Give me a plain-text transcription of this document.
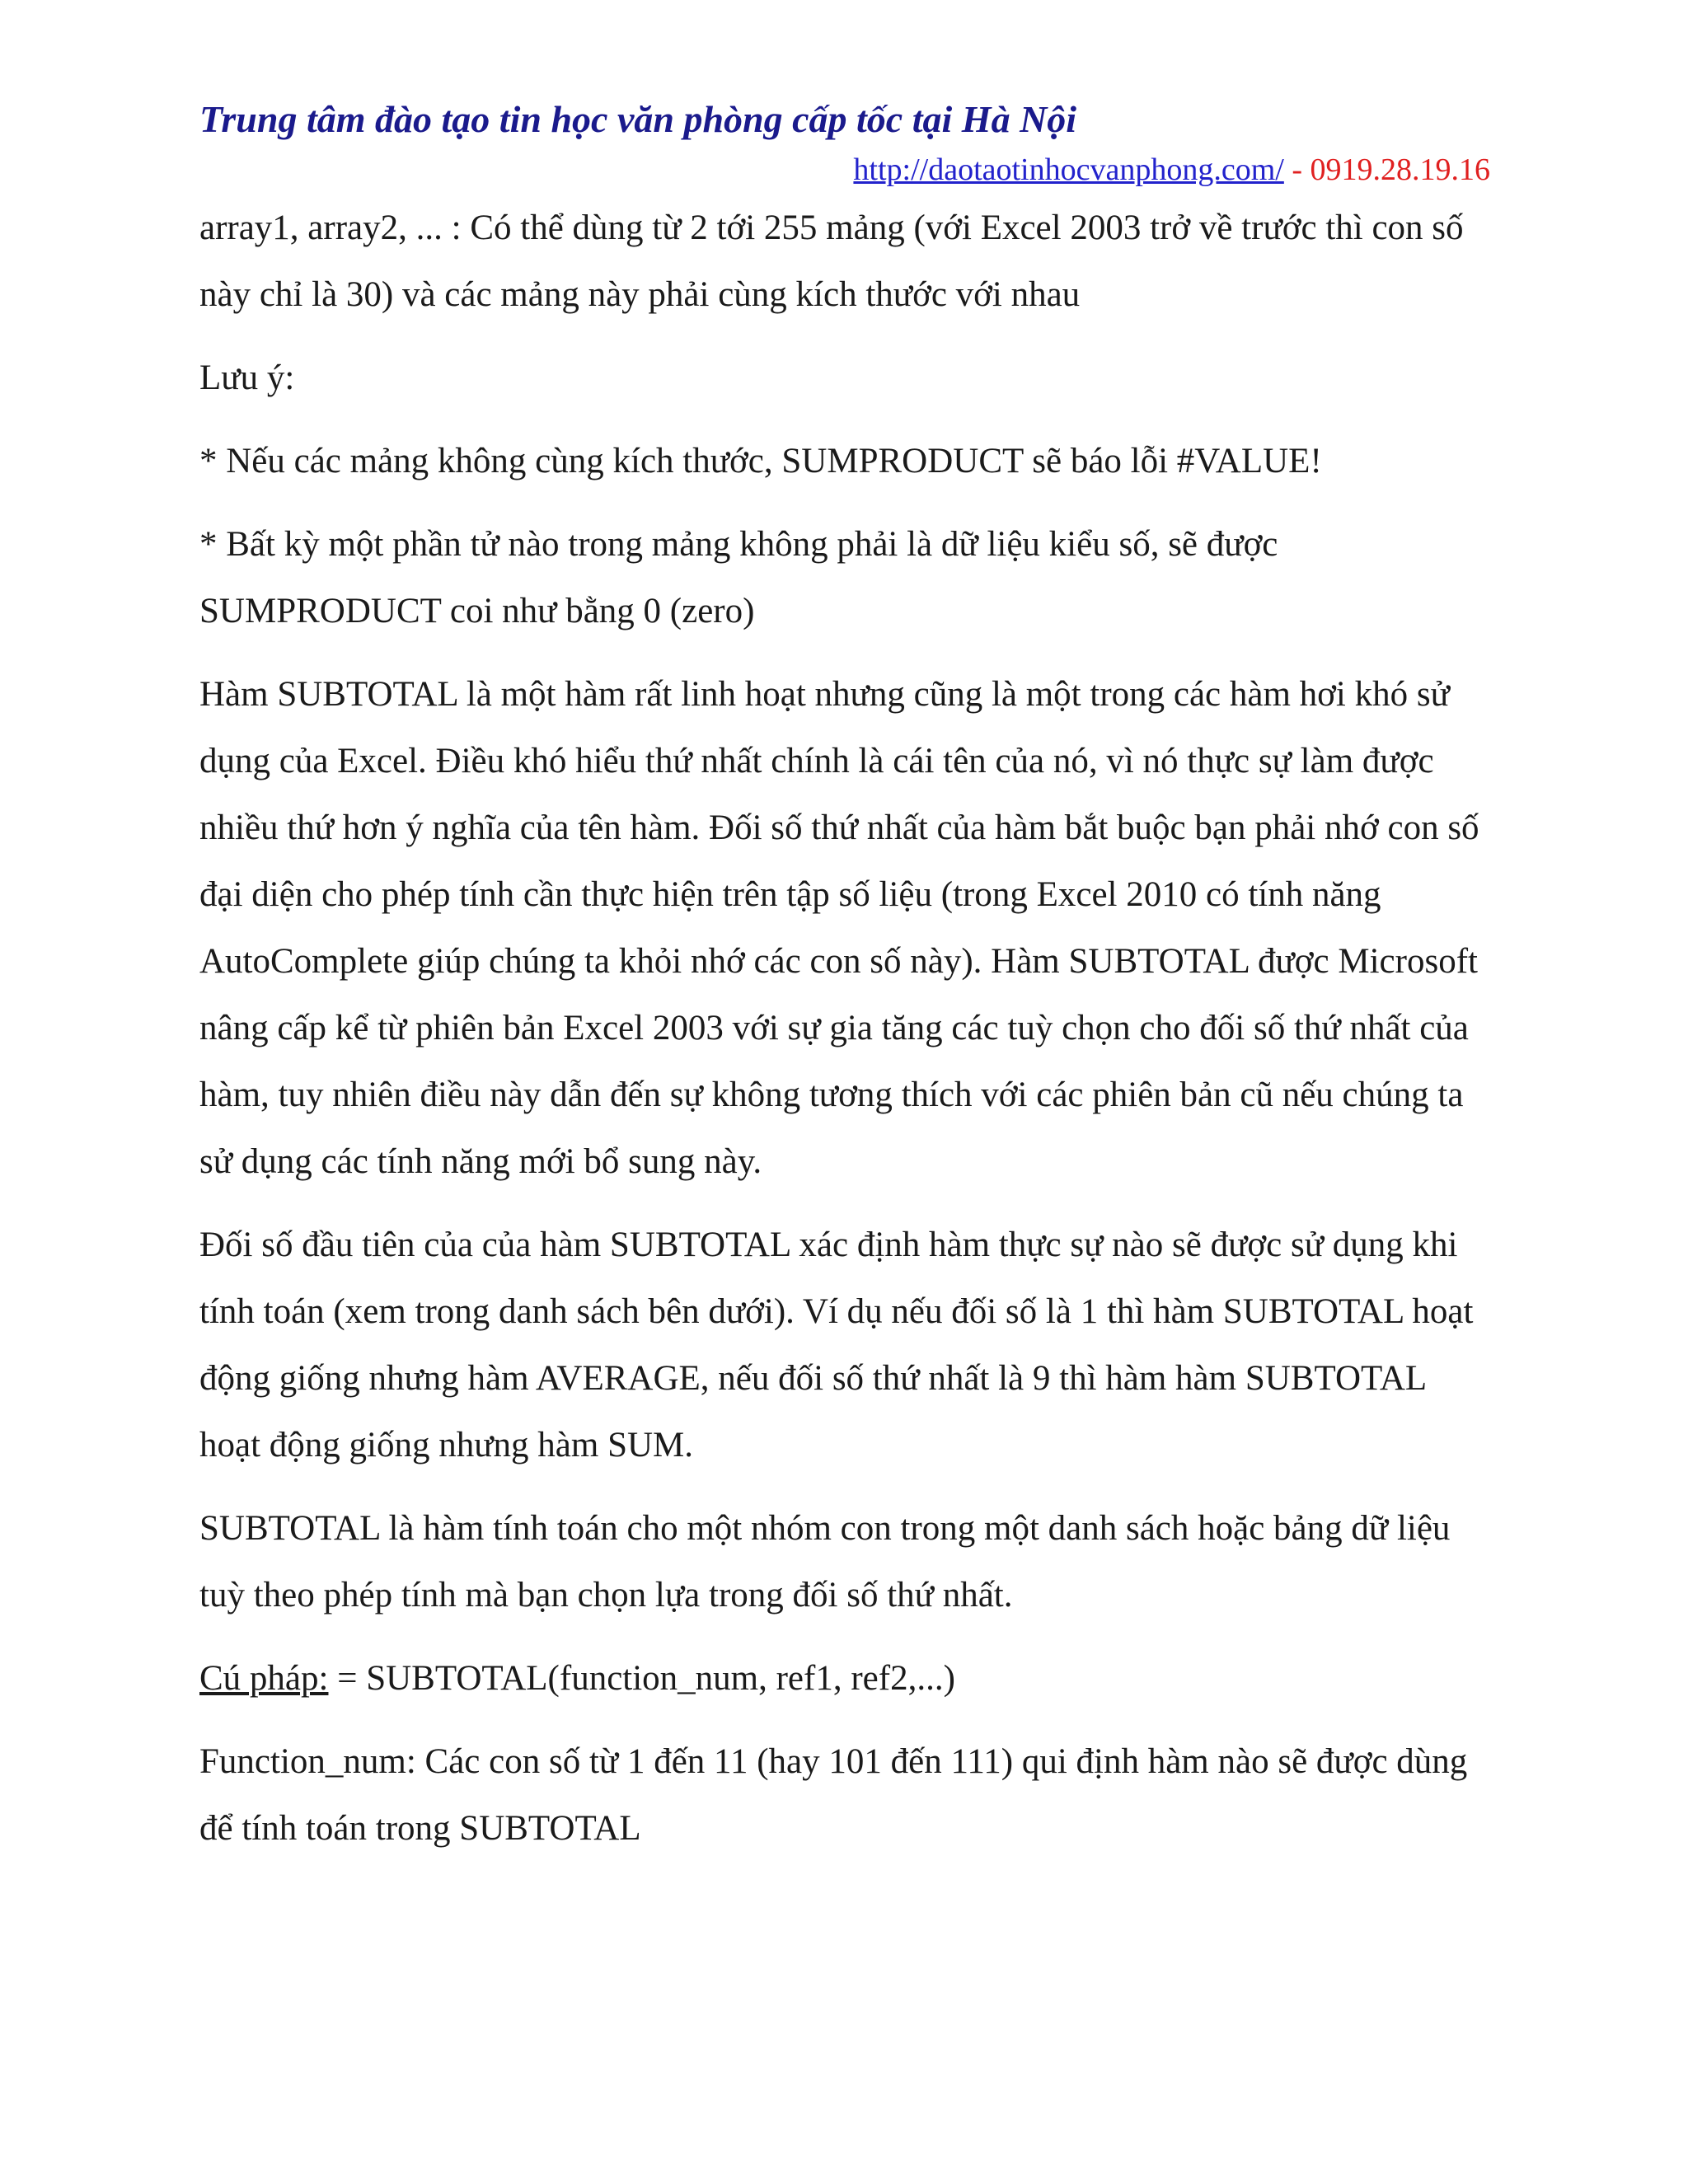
Trung tâm đào tạo tin học văn phòng cấp tốc tại Hà Nội
http://daotaotinhocvanphong.com/ - 0919.28.19.16

array1, array2, ... : Có thể dùng từ 2 tới 255 mảng (với Excel 2003 trở về trước thì con số này chỉ là 30) và các mảng này phải cùng kích thước với nhau

Lưu ý:

* Nếu các mảng không cùng kích thước, SUMPRODUCT sẽ báo lỗi #VALUE!

* Bất kỳ một phần tử nào trong mảng không phải là dữ liệu kiểu số, sẽ được SUMPRODUCT coi như bằng 0 (zero)

Hàm SUBTOTAL là một hàm rất linh hoạt nhưng cũng là một trong các hàm hơi khó sử dụng của Excel. Điều khó hiểu thứ nhất chính là cái tên của nó, vì nó thực sự làm được nhiều thứ hơn ý nghĩa của tên hàm. Đối số thứ nhất của hàm bắt buộc bạn phải nhớ con số đại diện cho phép tính cần thực hiện trên tập số liệu (trong Excel 2010 có tính năng AutoComplete giúp chúng ta khỏi nhớ các con số này). Hàm SUBTOTAL được Microsoft nâng cấp kể từ phiên bản Excel 2003 với sự gia tăng các tuỳ chọn cho đối số thứ nhất của hàm, tuy nhiên điều này dẫn đến sự không tương thích với các phiên bản cũ nếu chúng ta sử dụng các tính năng mới bổ sung này.

Đối số đầu tiên của của hàm SUBTOTAL xác định hàm thực sự nào sẽ được sử dụng khi tính toán (xem trong danh sách bên dưới). Ví dụ nếu đối số là 1 thì hàm SUBTOTAL hoạt động giống nhưng hàm AVERAGE, nếu đối số thứ nhất là 9 thì hàm hàm SUBTOTAL hoạt động giống nhưng hàm SUM.

SUBTOTAL là hàm tính toán cho một nhóm con trong một danh sách hoặc bảng dữ liệu tuỳ theo phép tính mà bạn chọn lựa trong đối số thứ nhất.

Cú pháp: = SUBTOTAL(function_num, ref1, ref2,...)

Function_num: Các con số từ 1 đến 11 (hay 101 đến 111) qui định hàm nào sẽ được dùng để tính toán trong SUBTOTAL
